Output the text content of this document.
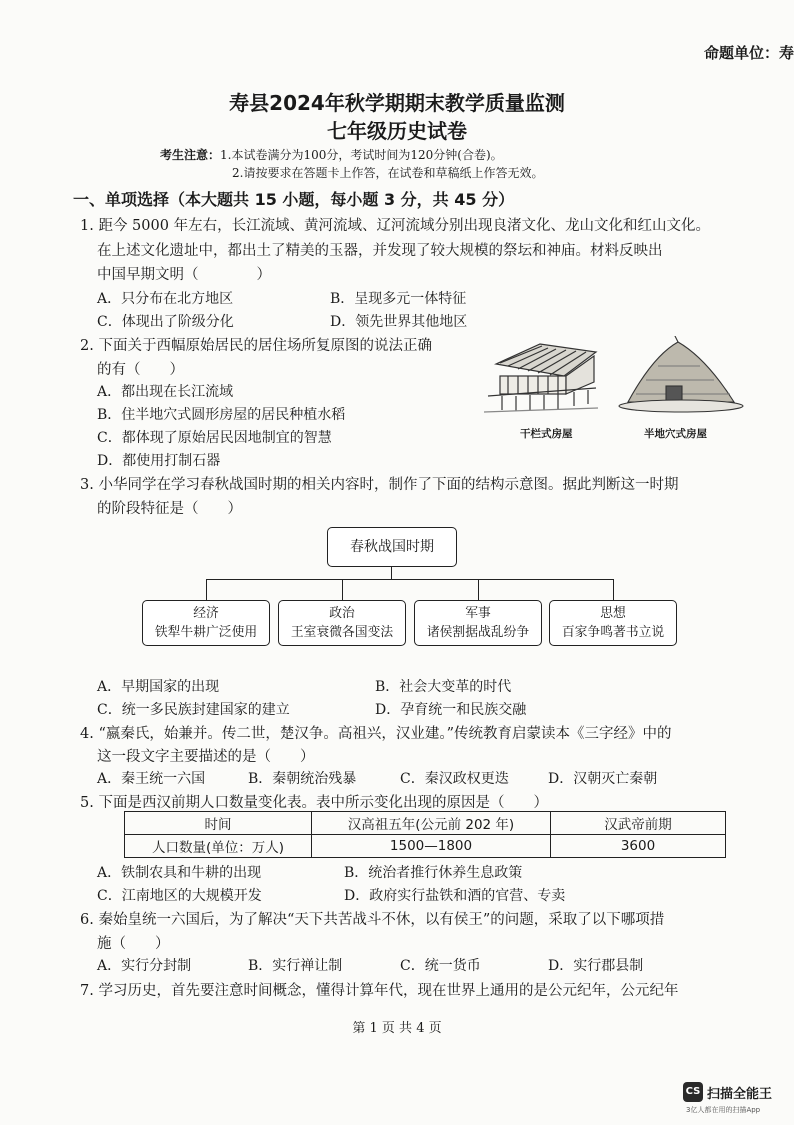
命题单位：寿
寿县2024年秋学期期末教学质量监测
七年级历史试卷
考生注意：1.本试卷满分为100分，考试时间为120分钟(合卷)。
2.请按要求在答题卡上作答，在试卷和草稿纸上作答无效。
一、单项选择（本大题共 15 小题，每小题 3 分，共 45 分）
1. 距今 5000 年左右，长江流域、黄河流域、辽河流域分别出现良渚文化、龙山文化和红山文化。
在上述文化遗址中，都出土了精美的玉器，并发现了较大规模的祭坛和神庙。材料反映出
中国早期文明（　　　　）
A．只分布在北方地区	B．呈现多元一体特征
C．体现出了阶级分化	D．领先世界其他地区
2. 下面关于西幅原始居民的居住场所复原图的说法正确
的有（　　）
A．都出现在长江流域
B．住半地穴式圆形房屋的居民种植水稻
C．都体现了原始居民因地制宜的智慧
D．都使用打制石器
干栏式房屋	半地穴式房屋
3. 小华同学在学习春秋战国时期的相关内容时，制作了下面的结构示意图。据此判断这一时期
的阶段特征是（　　）
春秋战国时期
经济
铁犁牛耕广泛使用
政治
王室衰微各国变法
军事
诸侯割据战乱纷争
思想
百家争鸣著书立说
A．早期国家的出现	B．社会大变革的时代
C．统一多民族封建国家的建立	D．孕育统一和民族交融
4. “嬴秦氏，始兼并。传二世，楚汉争。高祖兴，汉业建。”传统教育启蒙读本《三字经》中的
这一段文字主要描述的是（　　）
A．秦王统一六国	B．秦朝统治残暴	C．秦汉政权更迭	D．汉朝灭亡秦朝
5. 下面是西汉前期人口数量变化表。表中所示变化出现的原因是（　　）
时间	汉高祖五年(公元前 202 年)	汉武帝前期
人口数量(单位：万人)	1500—1800	3600
A．铁制农具和牛耕的出现	B．统治者推行休养生息政策
C．江南地区的大规模开发	D．政府实行盐铁和酒的官营、专卖
6. 秦始皇统一六国后，为了解决“天下共苦战斗不休，以有侯王”的问题，采取了以下哪项措
施（　　）
A．实行分封制	B．实行禅让制	C．统一货币	D．实行郡县制
7. 学习历史，首先要注意时间概念，懂得计算年代，现在世界上通用的是公元纪年，公元纪年
第 1 页 共 4 页
CS 扫描全能王
3亿人都在用的扫描App
